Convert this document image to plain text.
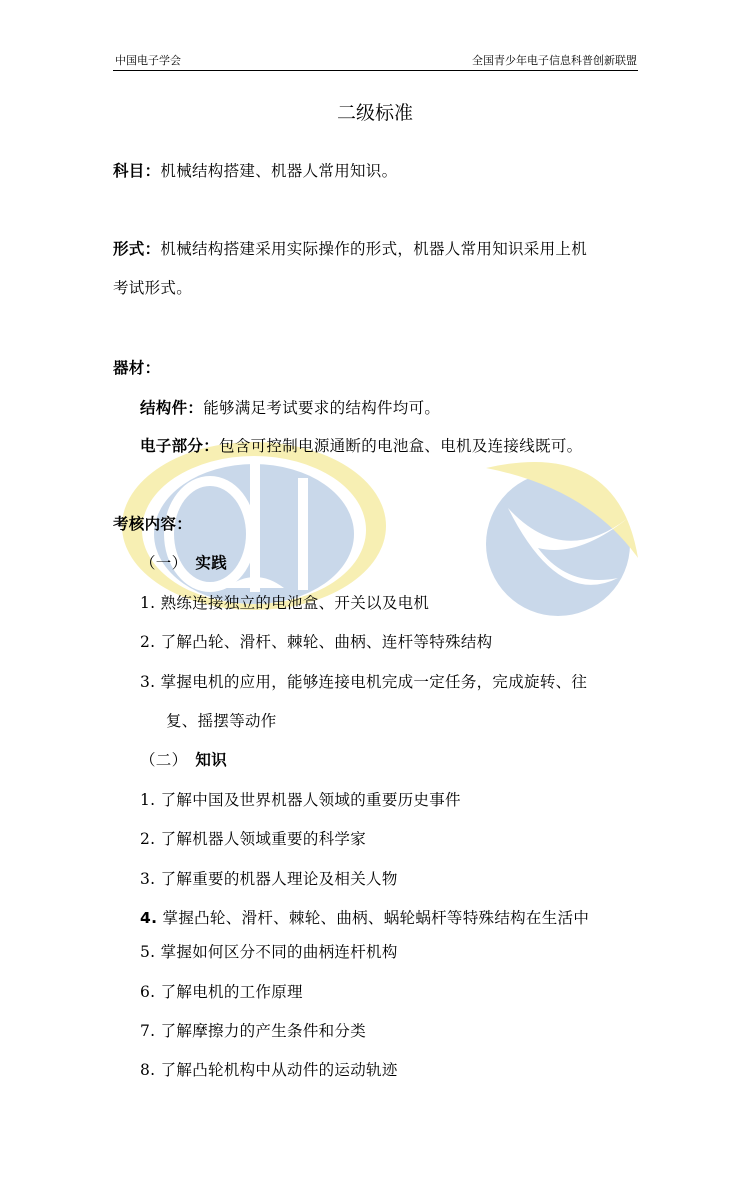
中国电子学会	全国青少年电子信息科普创新联盟
二级标准
科目：机械结构搭建、机器人常用知识。
形式：机械结构搭建采用实际操作的形式，机器人常用知识采用上机
考试形式。
器材：
结构件：能够满足考试要求的结构件均可。
电子部分：包含可控制电源通断的电池盒、电机及连接线既可。
考核内容：
（一） 实践
1. 熟练连接独立的电池盒、开关以及电机
2. 了解凸轮、滑杆、棘轮、曲柄、连杆等特殊结构
3. 掌握电机的应用，能够连接电机完成一定任务，完成旋转、往
复、摇摆等动作
（二） 知识
1. 了解中国及世界机器人领域的重要历史事件
2. 了解机器人领域重要的科学家
3. 了解重要的机器人理论及相关人物
4. 掌握凸轮、滑杆、棘轮、曲柄、蜗轮蜗杆等特殊结构在生活中
5. 掌握如何区分不同的曲柄连杆机构
6. 了解电机的工作原理
7. 了解摩擦力的产生条件和分类
8. 了解凸轮机构中从动件的运动轨迹
